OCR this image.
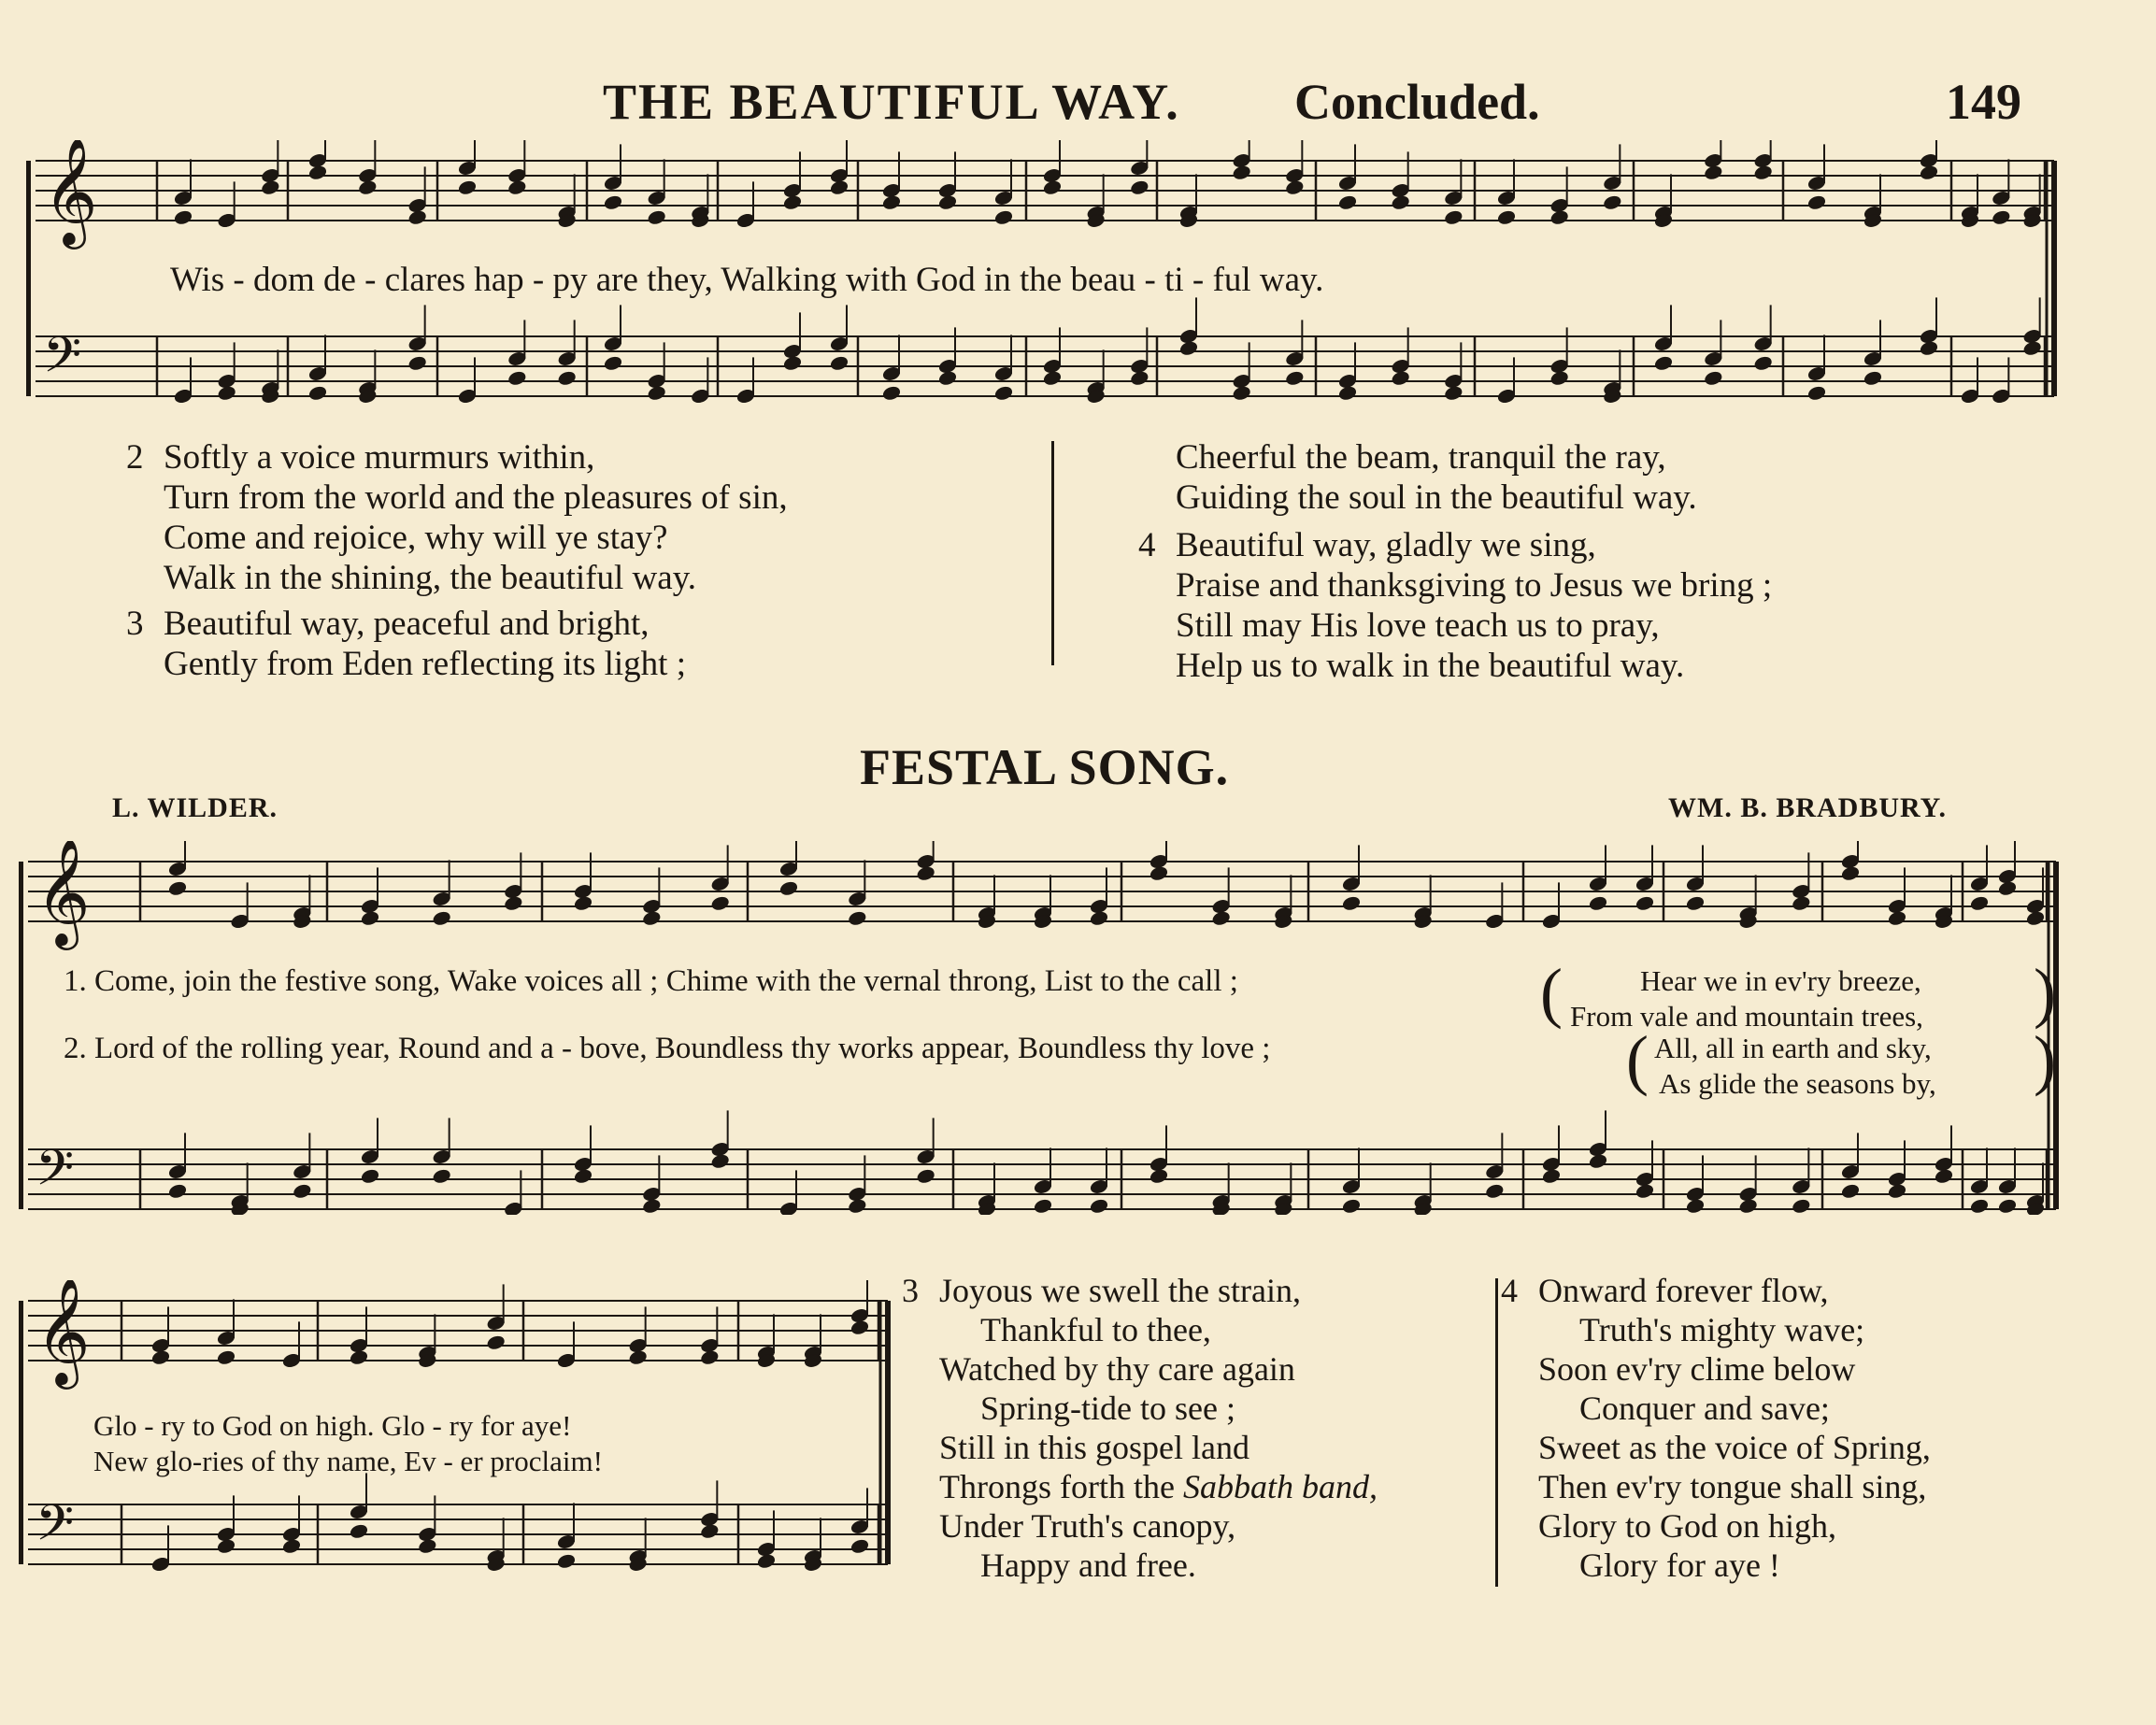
THE BEAUTIFUL WAY. Concluded.	149
𝄞
𝄢
Wis - dom de - clares hap - py are they, Walking with God in the beau - ti - ful way.
2 Softly a voice murmurs within,
Turn from the world and the pleasures of sin,
Come and rejoice, why will ye stay?
Walk in the shining, the beautiful way.
3 Beautiful way, peaceful and bright,
Gently from Eden reflecting its light ;
Cheerful the beam, tranquil the ray,
Guiding the soul in the beautiful way.
4 Beautiful way, gladly we sing,
Praise and thanksgiving to Jesus we bring ;
Still may His love teach us to pray,
Help us to walk in the beautiful way.
FESTAL SONG.
L. WILDER.	WM. B. BRADBURY.
𝄞
𝄢
1. Come, join the festive song, Wake voices all ; Chime with the vernal throng, List to the call ;	(	Hear we in ev'ry breeze,
From vale and mountain trees, )
2. Lord of the rolling year, Round and a - bove, Boundless thy works appear, Boundless thy love ;	( All, all in earth and sky,
As glide the seasons by, )
𝄞
𝄢
Glo - ry to God on high. Glo - ry for aye!
New glo-ries of thy name, Ev - er proclaim!
3 Joyous we swell the strain,
Thankful to thee,
Watched by thy care again
Spring-tide to see ;
Still in this gospel land
Throngs forth the Sabbath band,
Under Truth's canopy,
Happy and free.
4 Onward forever flow,
Truth's mighty wave;
Soon ev'ry clime below
Conquer and save;
Sweet as the voice of Spring,
Then ev'ry tongue shall sing,
Glory to God on high,
Glory for aye !
